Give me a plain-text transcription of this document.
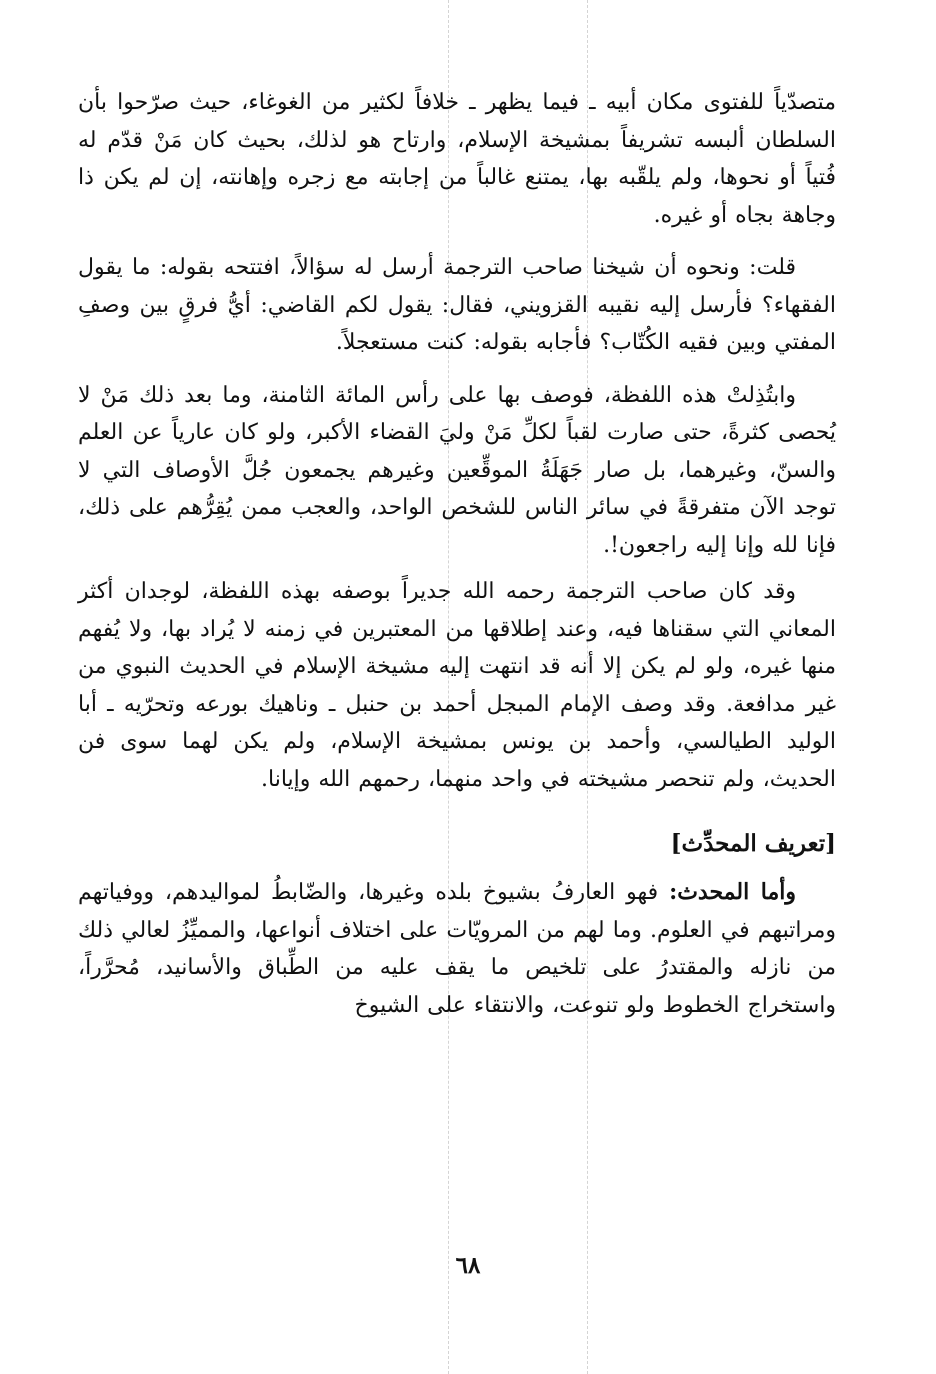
متصدّياً للفتوى مكان أبيه ـ فيما يظهر ـ خلافاً لكثير من الغوغاء، حيث صرّحوا بأن السلطان ألبسه تشريفاً بمشيخة الإسلام، وارتاح هو لذلك، بحيث كان مَنْ قدّم له فُتياً أو نحوها، ولم يلقّبه بها، يمتنع غالباً من إجابته مع زجره وإهانته، إن لم يكن ذا وجاهة بجاه أو غيره.

قلت: ونحوه أن شيخنا صاحب الترجمة أرسل له سؤالاً، افتتحه بقوله: ما يقول الفقهاء؟ فأرسل إليه نقيبه القزويني، فقال: يقول لكم القاضي: أيُّ فرقٍ بين وصفِ المفتي وبين فقيه الكُتّاب؟ فأجابه بقوله: كنت مستعجلاً.

وابتُذِلتْ هذه اللفظة، فوصف بها على رأس المائة الثامنة، وما بعد ذلك مَنْ لا يُحصى كثرةً، حتى صارت لقباً لكلِّ مَنْ وليَ القضاء الأكبر، ولو كان عارياً عن العلم والسنّ، وغيرهما، بل صار جَهَلَةُ الموقِّعين وغيرهم يجمعون جُلَّ الأوصاف التي لا توجد الآن متفرقةً في سائر الناس للشخص الواحد، والعجب ممن يُقِرُّهم على ذلك، فإنا لله وإنا إليه راجعون!.

وقد كان صاحب الترجمة رحمه الله جديراً بوصفه بهذه اللفظة، لوجدان أكثر المعاني التي سقناها فيه، وعند إطلاقها من المعتبرين في زمنه لا يُراد بها، ولا يُفهم منها غيره، ولو لم يكن إلا أنه قد انتهت إليه مشيخة الإسلام في الحديث النبوي من غير مدافعة. وقد وصف الإمام المبجل أحمد بن حنبل ـ وناهيك بورعه وتحرّيه ـ أبا الوليد الطيالسي، وأحمد بن يونس بمشيخة الإسلام، ولم يكن لهما سوى فن الحديث، ولم تنحصر مشيخته في واحد منهما، رحمهم الله وإيانا.

[تعريف المحدِّث]

وأما المحدث: فهو العارفُ بشيوخ بلده وغيرها، والضّابطُ لمواليدهم، ووفياتهم ومراتبهم في العلوم. وما لهم من المرويّات على اختلاف أنواعها، والمميِّزُ لعالي ذلك من نازله والمقتدرُ على تلخيص ما يقف عليه من الطِّباق والأسانيد، مُحرَّراً، واستخراج الخطوط ولو تنوعت، والانتقاء على الشيوخ

٦٨
